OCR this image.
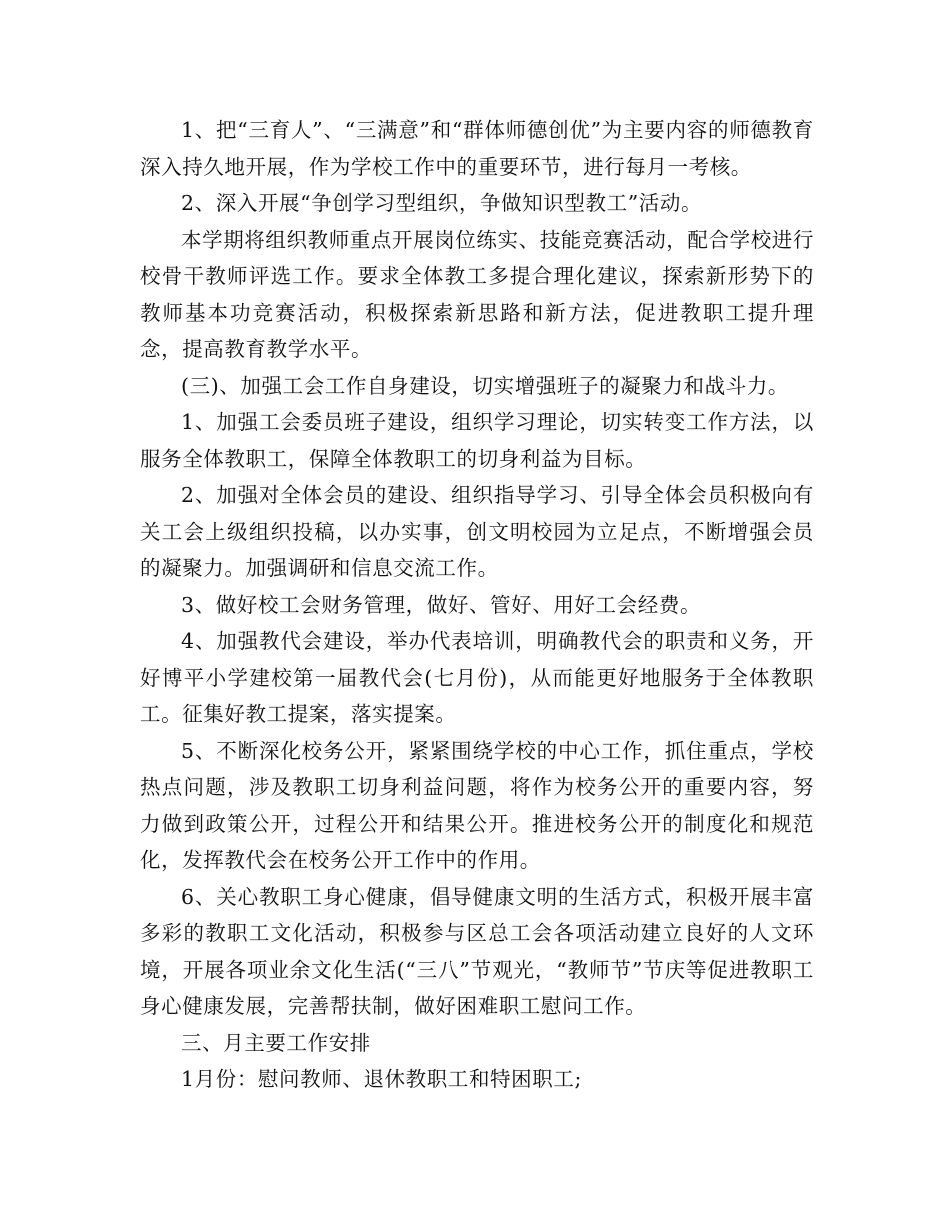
1、把“三育人”、“三满意”和“群体师德创优”为主要内容的师德教育深入持久地开展，作为学校工作中的重要环节，进行每月一考核。

2、深入开展“争创学习型组织，争做知识型教工”活动。

本学期将组织教师重点开展岗位练实、技能竞赛活动，配合学校进行校骨干教师评选工作。要求全体教工多提合理化建议，探索新形势下的教师基本功竞赛活动，积极探索新思路和新方法，促进教职工提升理念，提高教育教学水平。

(三)、加强工会工作自身建设，切实增强班子的凝聚力和战斗力。

1、加强工会委员班子建设，组织学习理论，切实转变工作方法，以服务全体教职工，保障全体教职工的切身利益为目标。

2、加强对全体会员的建设、组织指导学习、引导全体会员积极向有关工会上级组织投稿，以办实事，创文明校园为立足点，不断增强会员的凝聚力。加强调研和信息交流工作。

3、做好校工会财务管理，做好、管好、用好工会经费。

4、加强教代会建设，举办代表培训，明确教代会的职责和义务，开好博平小学建校第一届教代会(七月份)，从而能更好地服务于全体教职工。征集好教工提案，落实提案。

5、不断深化校务公开，紧紧围绕学校的中心工作，抓住重点，学校热点问题，涉及教职工切身利益问题，将作为校务公开的重要内容，努力做到政策公开，过程公开和结果公开。推进校务公开的制度化和规范化，发挥教代会在校务公开工作中的作用。

6、关心教职工身心健康，倡导健康文明的生活方式，积极开展丰富多彩的教职工文化活动，积极参与区总工会各项活动建立良好的人文环境，开展各项业余文化生活(“三八”节观光，“教师节”节庆等促进教职工身心健康发展，完善帮扶制，做好困难职工慰问工作。

三、月主要工作安排

1月份：慰问教师、退休教职工和特困职工;
